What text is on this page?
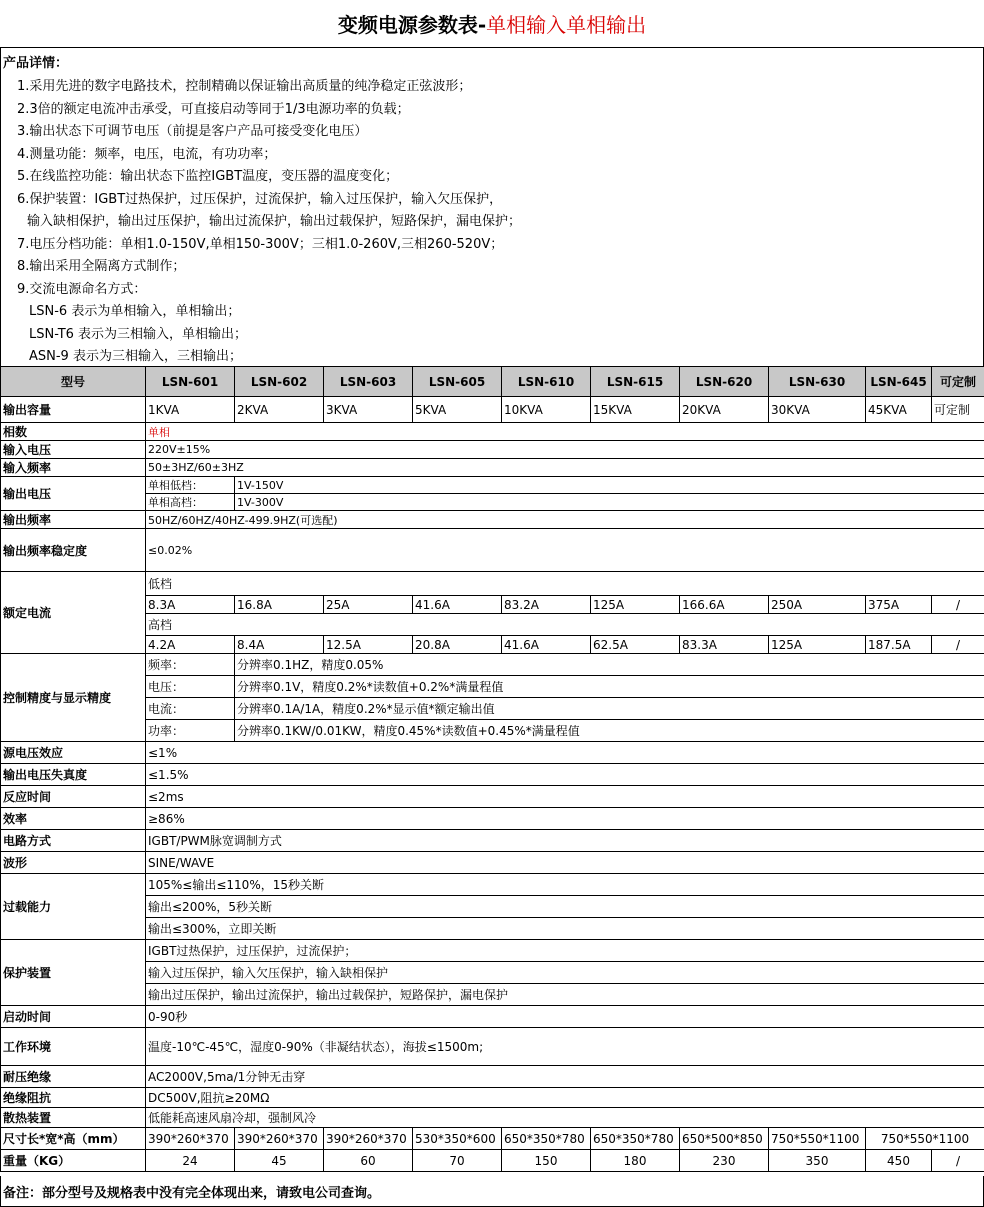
变频电源参数表- 单相输入单相输出
产品详情：
1.采用先进的数字电路技术，控制精确以保证输出高质量的纯净稳定正弦波形；
2.3倍的额定电流冲击承受，可直接启动等同于1/3电源功率的负载；
3.输出状态下可调节电压（前提是客户产品可接受变化电压）
4.测量功能：频率，电压，电流，有功功率；
5.在线监控功能：输出状态下监控IGBT温度，变压器的温度变化；
6.保护装置：IGBT过热保护，过压保护，过流保护，输入过压保护，输入欠压保护，
输入缺相保护，输出过压保护，输出过流保护，输出过载保护，短路保护，漏电保护；
7.电压分档功能：单相1.0-150V,单相150-300V；三相1.0-260V,三相260-520V；
8.输出采用全隔离方式制作；
9.交流电源命名方式：
LSN-6 表示为单相输入，单相输出；
LSN-T6 表示为三相输入，单相输出；
ASN-9 表示为三相输入，三相输出；
型号	LSN-601	LSN-602	LSN-603	LSN-605	LSN-610	LSN-615	LSN-620	LSN-630	LSN-645	可定制
输出容量	1KVA	2KVA	3KVA	5KVA	10KVA	15KVA	20KVA	30KVA	45KVA	可定制
相数	单相									
输入电压	220V±15%									
输入频率	50±3HZ/60±3HZ									
输出电压	单相低档：	1V-150V								
	单相高档：	1V-300V								
输出频率	50HZ/60HZ/40HZ-499.9HZ(可选配)									
输出频率稳定度	≤0.02%									
额定电流	低档									
	8.3A	16.8A	25A	41.6A	83.2A	125A	166.6A	250A	375A	/
	高档									
	4.2A	8.4A	12.5A	20.8A	41.6A	62.5A	83.3A	125A	187.5A	/
控制精度与显示精度	频率：	分辨率0.1HZ，精度0.05%								
	电压：	分辨率0.1V，精度0.2%*读数值+0.2%*满量程值								
	电流：	分辨率0.1A/1A，精度0.2%*显示值*额定输出值								
	功率：	分辨率0.1KW/0.01KW，精度0.45%*读数值+0.45%*满量程值								
源电压效应	≤1%									
输出电压失真度	≤1.5%									
反应时间	≤2ms									
效率	≥86%									
电路方式	IGBT/PWM脉宽调制方式									
波形	SINE/WAVE									
过载能力	105%≤输出≤110%，15秒关断									
	输出≤200%，5秒关断									
	输出≤300%，立即关断									
保护装置	IGBT过热保护，过压保护，过流保护；									
	输入过压保护，输入欠压保护，输入缺相保护									
	输出过压保护，输出过流保护，输出过载保护，短路保护，漏电保护									
启动时间	0-90秒									
工作环境	温度-10℃-45℃，湿度0-90%（非凝结状态），海拔≤1500m;									
耐压绝缘	AC2000V,5ma/1分钟无击穿									
绝缘阻抗	DC500V,阻抗≥20MΩ									
散热装置	低能耗高速风扇冷却，强制风冷									
尺寸长*宽*高（mm）	390*260*370	390*260*370	390*260*370	530*350*600	650*350*780	650*350*780	650*500*850	750*550*1100	750*550*1100	
重量（KG）	24	45	60	70	150	180	230	350	450	/
备注：部分型号及规格表中没有完全体现出来，请致电公司查询。
